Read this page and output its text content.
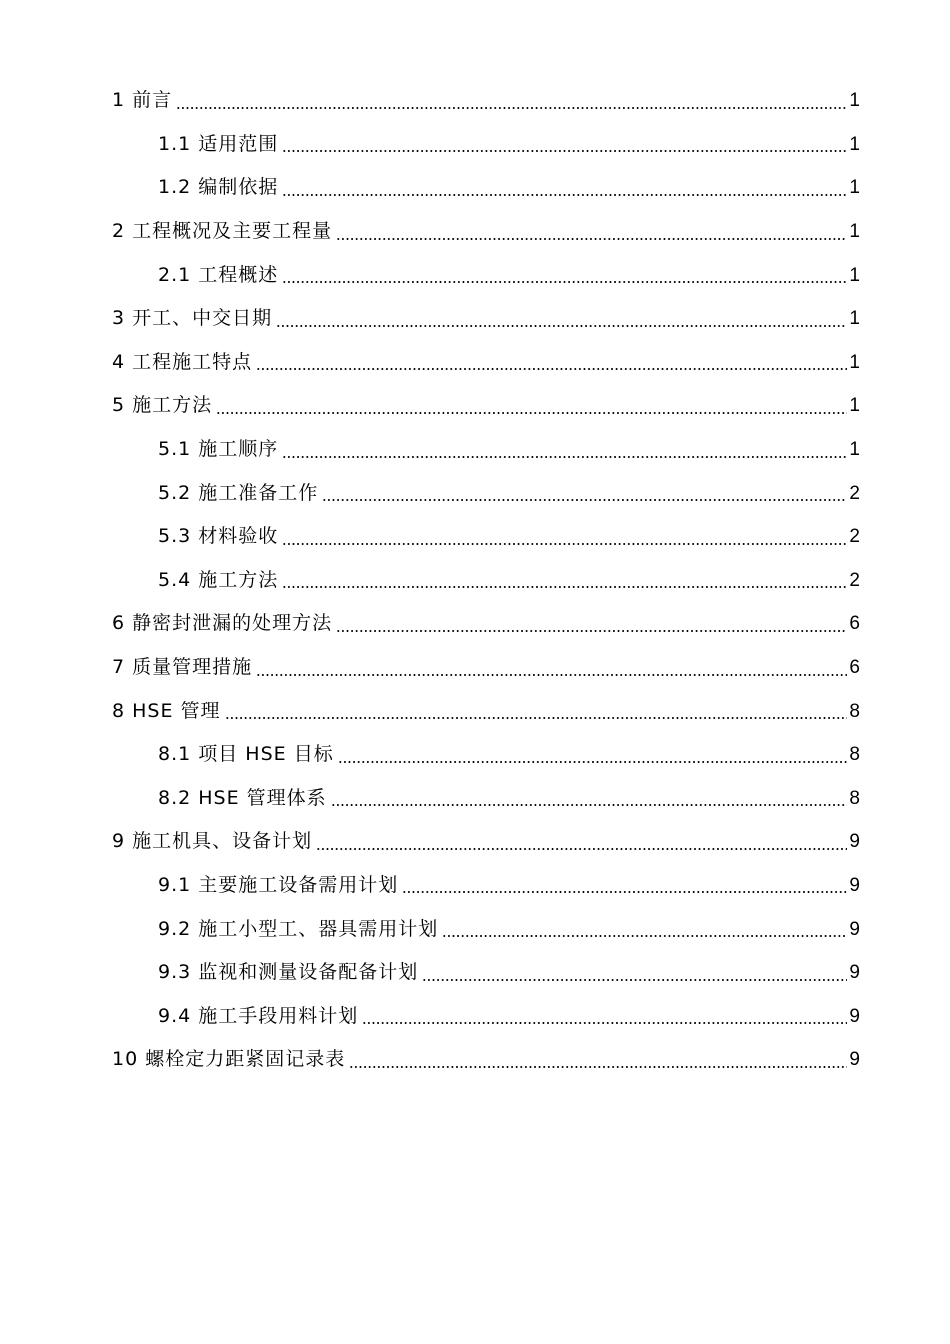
1 前言	1
1.1 适用范围	1
1.2 编制依据	1
2 工程概况及主要工程量	1
2.1 工程概述	1
3 开工、中交日期	1
4 工程施工特点	1
5 施工方法	1
5.1 施工顺序	1
5.2 施工准备工作	2
5.3 材料验收	2
5.4 施工方法	2
6 静密封泄漏的处理方法	6
7 质量管理措施	6
8 HSE 管理	8
8.1 项目 HSE 目标	8
8.2 HSE 管理体系	8
9 施工机具、设备计划	9
9.1 主要施工设备需用计划	9
9.2 施工小型工、器具需用计划	9
9.3 监视和测量设备配备计划	9
9.4 施工手段用料计划	9
10 螺栓定力距紧固记录表	9
